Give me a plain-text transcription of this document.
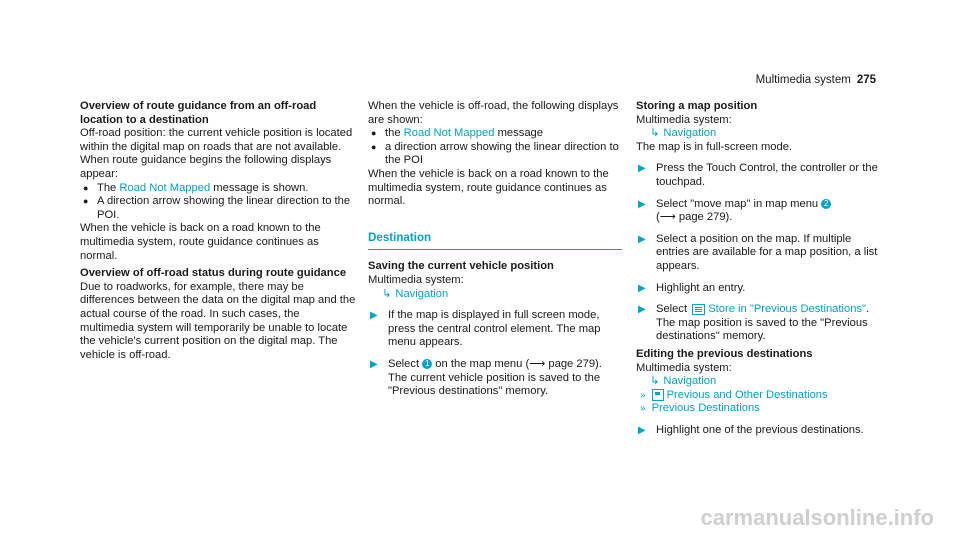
Multimedia system 275

Overview of route guidance from an off-road location to a destination

Off-road position: the current vehicle position is located within the digital map on roads that are not available.

When route guidance begins the following displays appear:

● The Road Not Mapped message is shown.
● A direction arrow showing the linear direction to the POI.

When the vehicle is back on a road known to the multimedia system, route guidance continues as normal.

Overview of off-road status during route guidance

Due to roadworks, for example, there may be differences between the data on the digital map and the actual course of the road. In such cases, the multimedia system will temporarily be unable to locate the vehicle's current position on the digital map. The vehicle is off-road.

When the vehicle is off-road, the following displays are shown:

● the Road Not Mapped message
● a direction arrow showing the linear direction to the POI

When the vehicle is back on a road known to the multimedia system, route guidance continues as normal.

Destination

Saving the current vehicle position

Multimedia system:

↳ Navigation
▶ If the map is displayed in full screen mode, press the central control element. The map menu appears.
▶ Select 1 on the map menu (⟶ page 279).
The current vehicle position is saved to the "Previous destinations" memory.

Storing a map position

Multimedia system:

↳ Navigation

The map is in full-screen mode.

▶ Press the Touch Control, the controller or the touchpad.
▶ Select "move map" in map menu 2
(⟶ page 279).
▶ Select a position on the map. If multiple entries are available for a map position, a list appears.
▶ Highlight an entry.
▶ Select Store in "Previous Destinations".
The map position is saved to the "Previous destinations" memory.

Editing the previous destinations

Multimedia system:

↳ Navigation
» Previous and Other Destinations
» Previous Destinations
▶ Highlight one of the previous destinations.
carmanualsonline.info
